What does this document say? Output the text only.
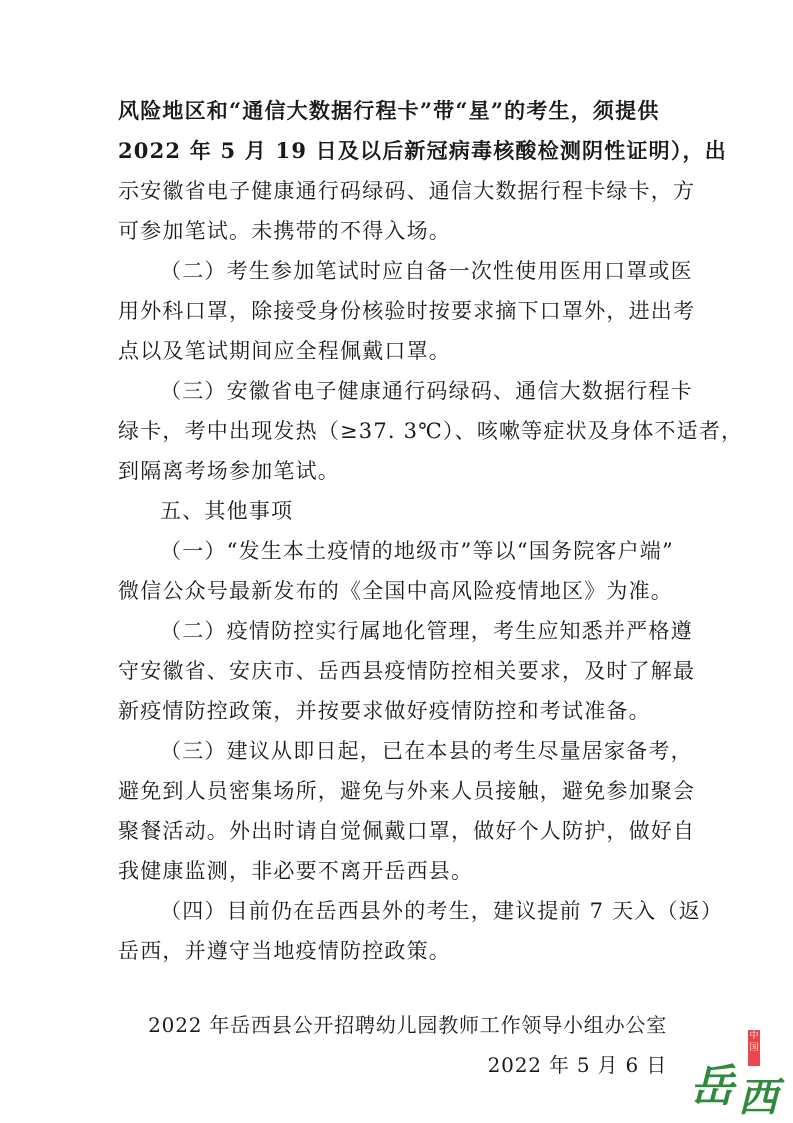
风险地区和“通信大数据行程卡”带“星”的考生，须提供
2022 年 5 月 19 日及以后新冠病毒核酸检测阴性证明），出
示安徽省电子健康通行码绿码、通信大数据行程卡绿卡，方
可参加笔试。未携带的不得入场。
（二）考生参加笔试时应自备一次性使用医用口罩或医
用外科口罩，除接受身份核验时按要求摘下口罩外，进出考
点以及笔试期间应全程佩戴口罩。
（三）安徽省电子健康通行码绿码、通信大数据行程卡
绿卡，考中出现发热（≥37. 3℃）、咳嗽等症状及身体不适者，
到隔离考场参加笔试。
五、其他事项
（一）“发生本土疫情的地级市”等以“国务院客户端”
微信公众号最新发布的《全国中高风险疫情地区》为准。
（二）疫情防控实行属地化管理，考生应知悉并严格遵
守安徽省、安庆市、岳西县疫情防控相关要求，及时了解最
新疫情防控政策，并按要求做好疫情防控和考试准备。
（三）建议从即日起，已在本县的考生尽量居家备考，
避免到人员密集场所，避免与外来人员接触，避免参加聚会
聚餐活动。外出时请自觉佩戴口罩，做好个人防护，做好自
我健康监测，非必要不离开岳西县。
（四）目前仍在岳西县外的考生，建议提前 7 天入（返）
岳西，并遵守当地疫情防控政策。
2022 年岳西县公开招聘幼儿园教师工作领导小组办公室
2022 年 5 月 6 日
中国
岳 西
